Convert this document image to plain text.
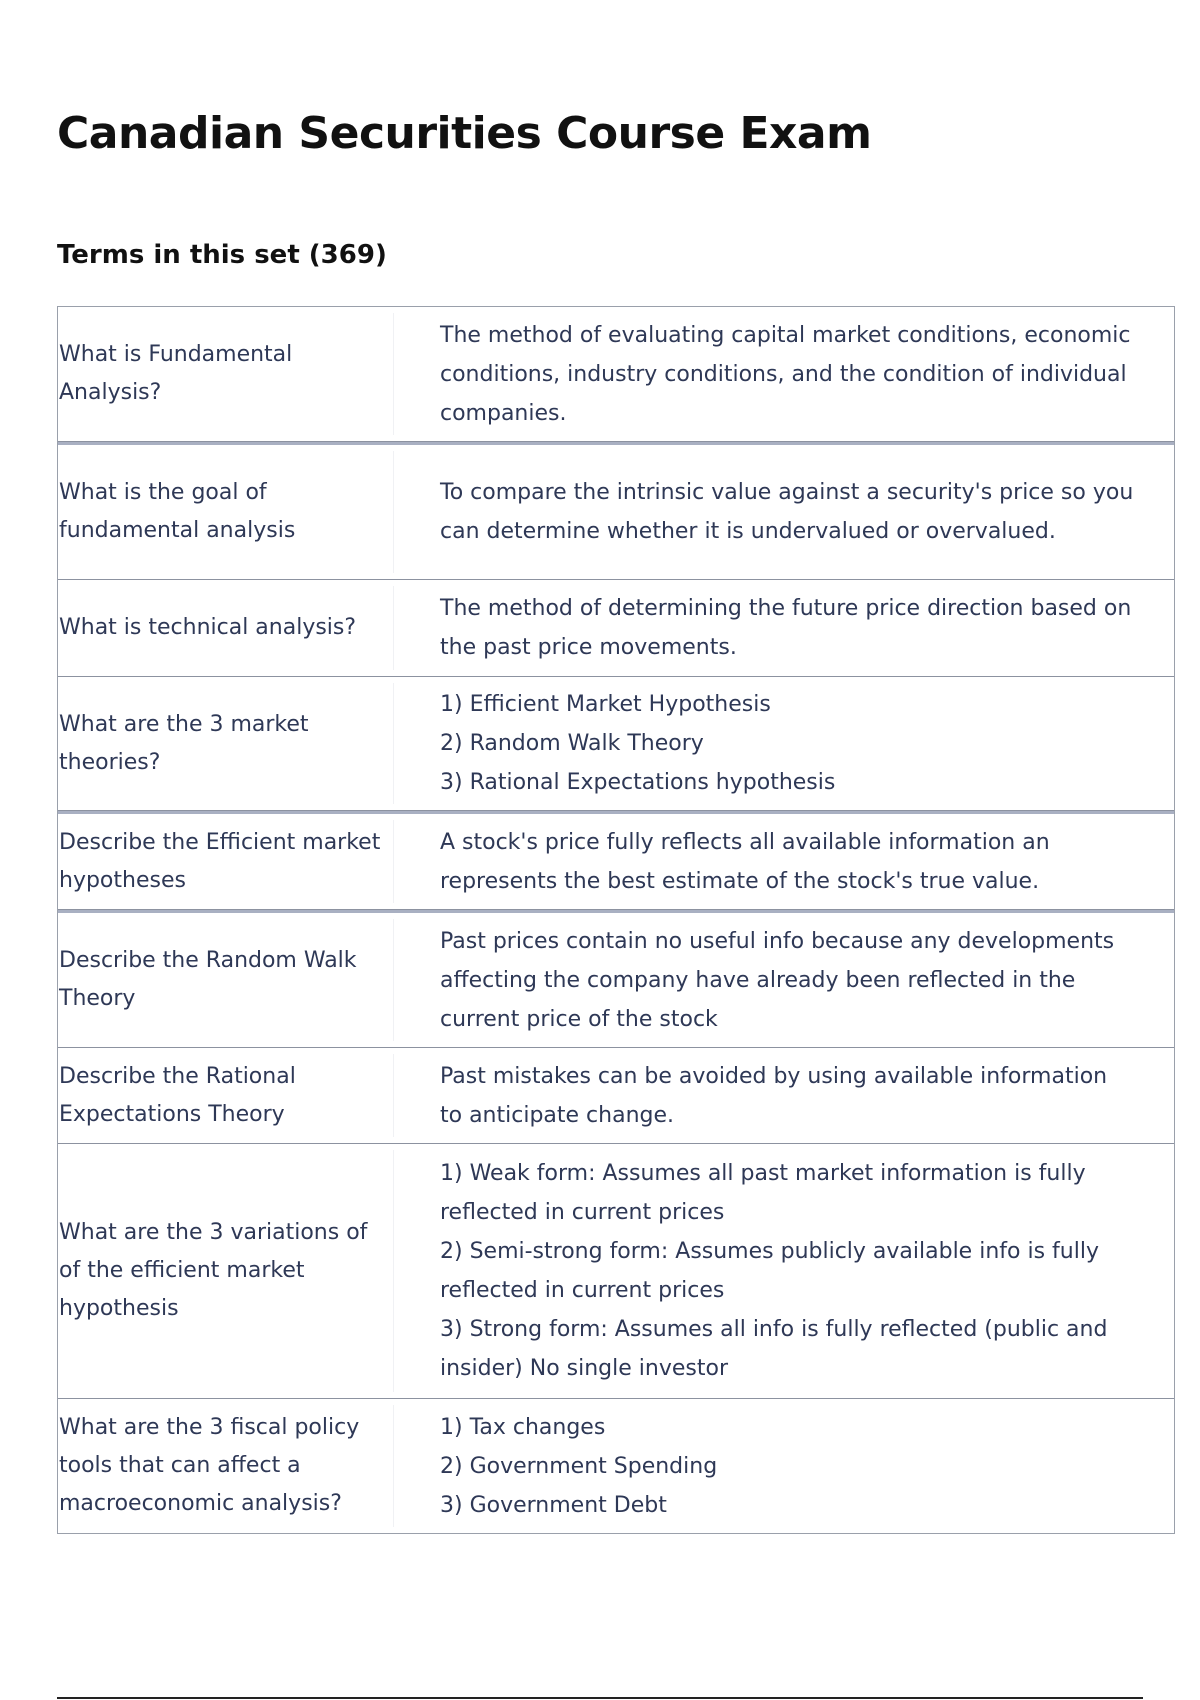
Canadian Securities Course Exam
Terms in this set (369)
What is Fundamental Analysis?
The method of evaluating capital market conditions, economic conditions, industry conditions, and the condition of individual companies.
What is the goal of fundamental analysis
To compare the intrinsic value against a security's price so you can determine whether it is undervalued or overvalued.
What is technical analysis?
The method of determining the future price direction based on the past price movements.
What are the 3 market theories?
1) Efficient Market Hypothesis
2) Random Walk Theory
3) Rational Expectations hypothesis
Describe the Efficient market hypotheses
A stock's price fully reflects all available information an represents the best estimate of the stock's true value.
Describe the Random Walk Theory
Past prices contain no useful info because any developments affecting the company have already been reflected in the current price of the stock
Describe the Rational Expectations Theory
Past mistakes can be avoided by using available information to anticipate change.
What are the 3 variations of of the efficient market hypothesis
1) Weak form: Assumes all past market information is fully reflected in current prices
2) Semi-strong form: Assumes publicly available info is fully reflected in current prices
3) Strong form: Assumes all info is fully reflected (public and insider) No single investor
What are the 3 fiscal policy tools that can affect a macroeconomic analysis?
1) Tax changes
2) Government Spending
3) Government Debt
